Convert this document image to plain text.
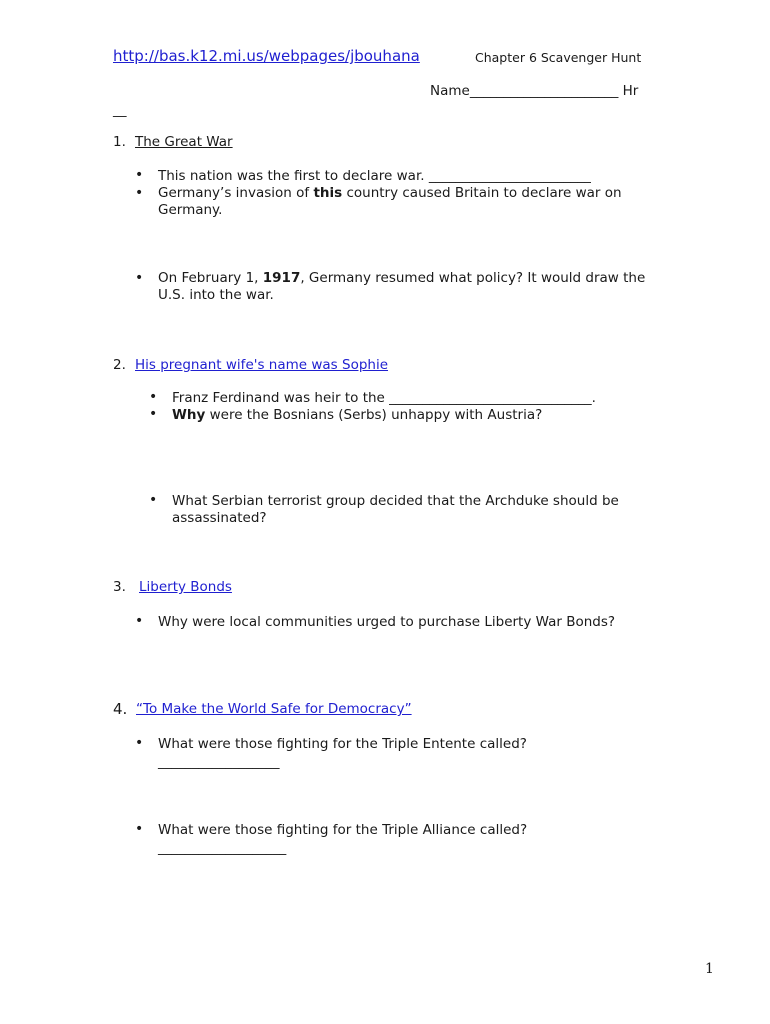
http://bas.k12.mi.us/webpages/jbouhana	Chapter 6 Scavenger Hunt
Name______________________ Hr
__
1. The Great War
• This nation was the first to declare war. ________________________
• Germany’s invasion of this country caused Britain to declare war on Germany.
• On February 1, 1917, Germany resumed what policy? It would draw the U.S. into the war.
2. His pregnant wife's name was Sophie
• Franz Ferdinand was heir to the ______________________________.
• Why were the Bosnians (Serbs) unhappy with Austria?
• What Serbian terrorist group decided that the Archduke should be assassinated?
3. Liberty Bonds
• Why were local communities urged to purchase Liberty War Bonds?
4. “To Make the World Safe for Democracy”
• What were those fighting for the Triple Entente called?
__________________
• What were those fighting for the Triple Alliance called?
___________________
1
